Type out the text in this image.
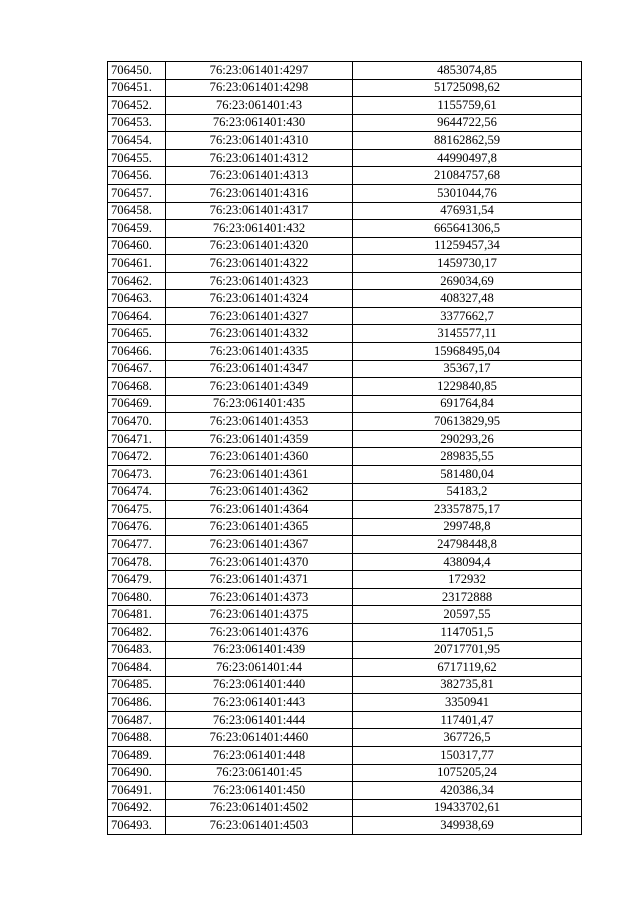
706450.	76:23:061401:4297	4853074,85
706451.	76:23:061401:4298	51725098,62
706452.	76:23:061401:43	1155759,61
706453.	76:23:061401:430	9644722,56
706454.	76:23:061401:4310	88162862,59
706455.	76:23:061401:4312	44990497,8
706456.	76:23:061401:4313	21084757,68
706457.	76:23:061401:4316	5301044,76
706458.	76:23:061401:4317	476931,54
706459.	76:23:061401:432	665641306,5
706460.	76:23:061401:4320	11259457,34
706461.	76:23:061401:4322	1459730,17
706462.	76:23:061401:4323	269034,69
706463.	76:23:061401:4324	408327,48
706464.	76:23:061401:4327	3377662,7
706465.	76:23:061401:4332	3145577,11
706466.	76:23:061401:4335	15968495,04
706467.	76:23:061401:4347	35367,17
706468.	76:23:061401:4349	1229840,85
706469.	76:23:061401:435	691764,84
706470.	76:23:061401:4353	70613829,95
706471.	76:23:061401:4359	290293,26
706472.	76:23:061401:4360	289835,55
706473.	76:23:061401:4361	581480,04
706474.	76:23:061401:4362	54183,2
706475.	76:23:061401:4364	23357875,17
706476.	76:23:061401:4365	299748,8
706477.	76:23:061401:4367	24798448,8
706478.	76:23:061401:4370	438094,4
706479.	76:23:061401:4371	172932
706480.	76:23:061401:4373	23172888
706481.	76:23:061401:4375	20597,55
706482.	76:23:061401:4376	1147051,5
706483.	76:23:061401:439	20717701,95
706484.	76:23:061401:44	6717119,62
706485.	76:23:061401:440	382735,81
706486.	76:23:061401:443	3350941
706487.	76:23:061401:444	117401,47
706488.	76:23:061401:4460	367726,5
706489.	76:23:061401:448	150317,77
706490.	76:23:061401:45	1075205,24
706491.	76:23:061401:450	420386,34
706492.	76:23:061401:4502	19433702,61
706493.	76:23:061401:4503	349938,69
